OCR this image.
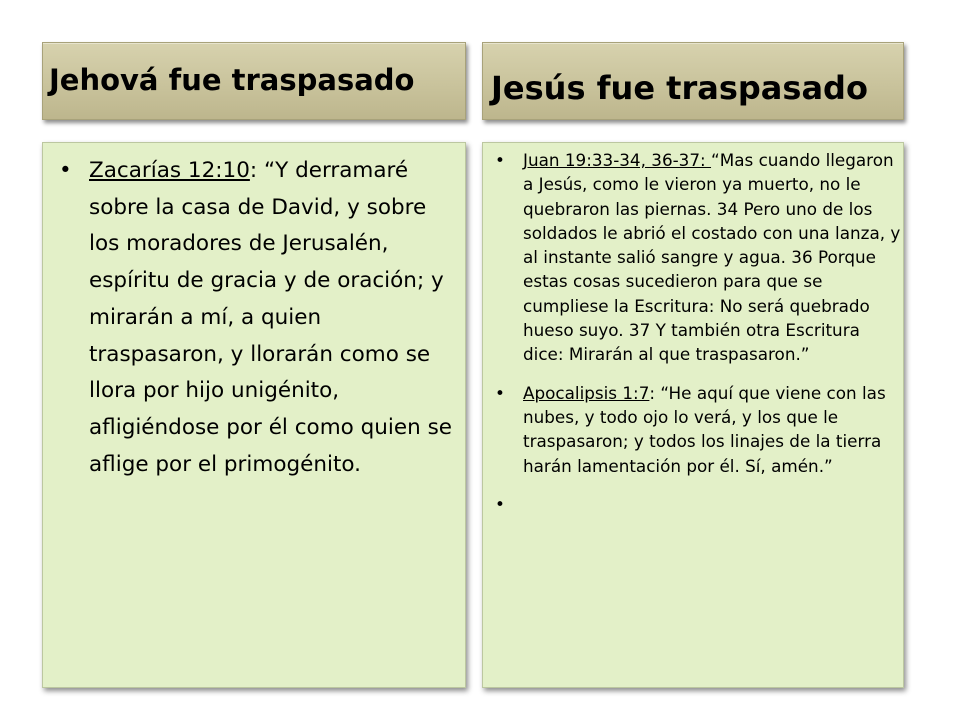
Jehová fue traspasado Jesús fue traspasado
• Zacarías 12:10: “Y derramaré sobre la casa de David, y sobre los moradores de Jerusalén, espíritu de gracia y de oración; y mirarán a mí, a quien traspasaron, y llorarán como se llora por hijo unigénito, afligiéndose por él como quien se aflige por el primogénito.
• Juan 19:33-34, 36-37: “Mas cuando llegaron a Jesús, como le vieron ya muerto, no le quebraron las piernas. 34 Pero uno de los soldados le abrió el costado con una lanza, y al instante salió sangre y agua. 36 Porque estas cosas sucedieron para que se cumpliese la Escritura: No será quebrado hueso suyo. 37 Y también otra Escritura dice: Mirarán al que traspasaron.”
• Apocalipsis 1:7: “He aquí que viene con las nubes, y todo ojo lo verá, y los que le traspasaron; y todos los linajes de la tierra harán lamentación por él. Sí, amén.”
•
